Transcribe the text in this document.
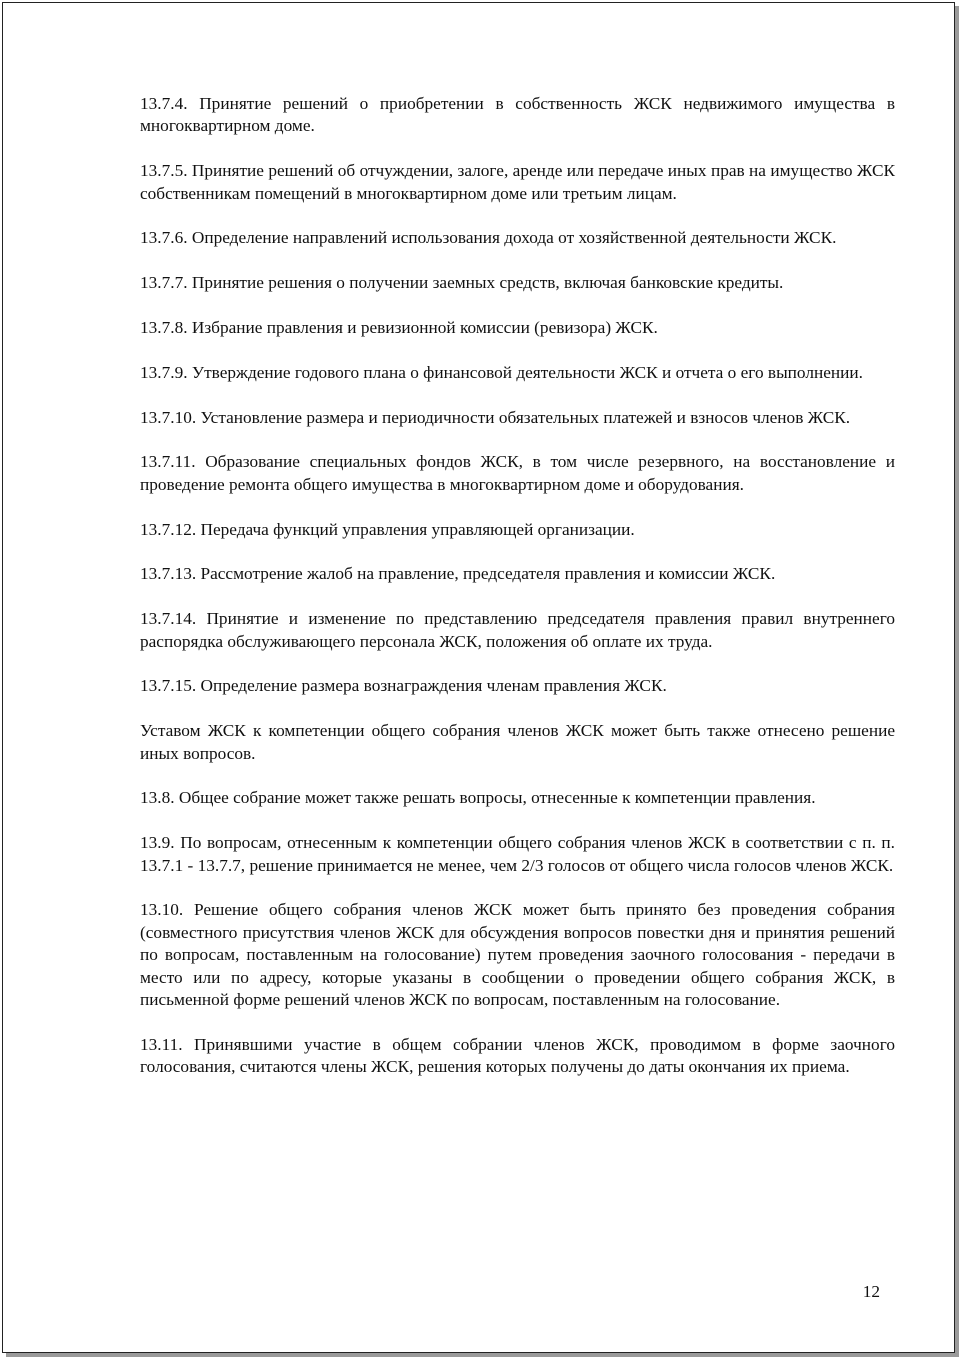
13.7.4. Принятие решений о приобретении в собственность ЖСК недвижимого имущества в многоквартирном доме.

13.7.5. Принятие решений об отчуждении, залоге, аренде или передаче иных прав на имущество ЖСК собственникам помещений в многоквартирном доме или третьим лицам.

13.7.6. Определение направлений использования дохода от хозяйственной деятельности ЖСК.

13.7.7. Принятие решения о получении заемных средств, включая банковские кредиты.

13.7.8. Избрание правления и ревизионной комиссии (ревизора) ЖСК.

13.7.9. Утверждение годового плана о финансовой деятельности ЖСК и отчета о его выполнении.

13.7.10. Установление размера и периодичности обязательных платежей и взносов членов ЖСК.

13.7.11. Образование специальных фондов ЖСК, в том числе резервного, на восстановление и проведение ремонта общего имущества в многоквартирном доме и оборудования.

13.7.12. Передача функций управления управляющей организации.

13.7.13. Рассмотрение жалоб на правление, председателя правления и комиссии ЖСК.

13.7.14. Принятие и изменение по представлению председателя правления правил внутреннего распорядка обслуживающего персонала ЖСК, положения об оплате их труда.

13.7.15. Определение размера вознаграждения членам правления ЖСК.

Уставом ЖСК к компетенции общего собрания членов ЖСК может быть также отнесено решение иных вопросов.

13.8. Общее собрание может также решать вопросы, отнесенные к компетенции правления.

13.9. По вопросам, отнесенным к компетенции общего собрания членов ЖСК в соответствии с п. п. 13.7.1 - 13.7.7, решение принимается не менее, чем 2/3 голосов от общего числа голосов членов ЖСК.

13.10. Решение общего собрания членов ЖСК может быть принято без проведения собрания (совместного присутствия членов ЖСК для обсуждения вопросов повестки дня и принятия решений по вопросам, поставленным на голосование) путем проведения заочного голосования - передачи в место или по адресу, которые указаны в сообщении о проведении общего собрания ЖСК, в письменной форме решений членов ЖСК по вопросам, поставленным на голосование.

13.11. Принявшими участие в общем собрании членов ЖСК, проводимом в форме заочного голосования, считаются члены ЖСК, решения которых получены до даты окончания их приема.

12
